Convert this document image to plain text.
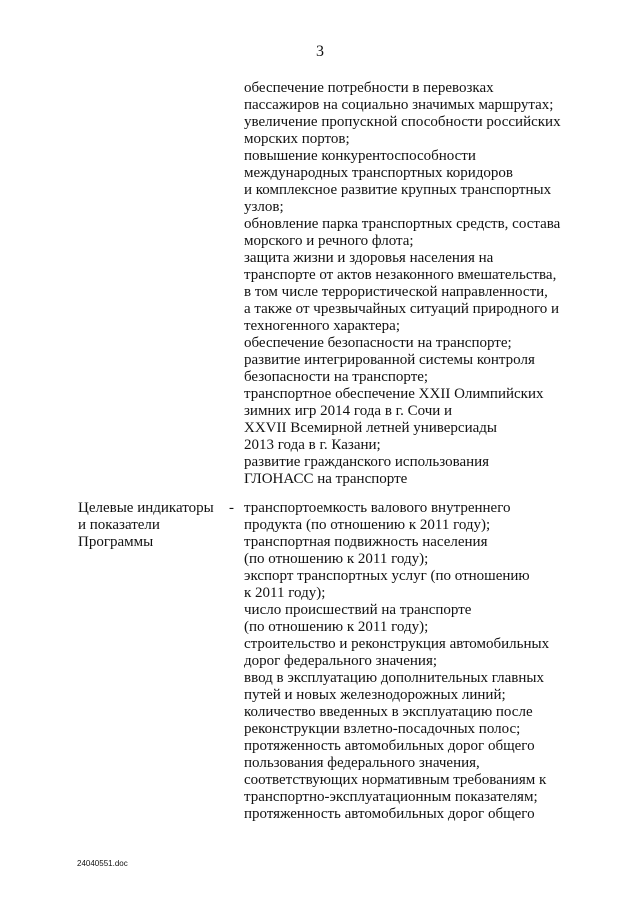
3
обеспечение потребности в перевозках
пассажиров на социально значимых маршрутах;
увеличение пропускной способности российских
морских портов;
повышение конкурентоспособности
международных транспортных коридоров
и комплексное развитие крупных транспортных
узлов;
обновление парка транспортных средств, состава
морского и речного флота;
защита жизни и здоровья населения на
транспорте от актов незаконного вмешательства,
в том числе террористической направленности,
а также от чрезвычайных ситуаций природного и
техногенного характера;
обеспечение безопасности на транспорте;
развитие интегрированной системы контроля
безопасности на транспорте;
транспортное обеспечение XXII Олимпийских
зимних игр 2014 года в г. Сочи и
XXVII Всемирной летней универсиады
2013 года в г. Казани;
развитие гражданского использования
ГЛОНАСС на транспорте
Целевые индикаторы
и показатели
Программы
- транспортоемкость валового внутреннего
продукта (по отношению к 2011 году);
транспортная подвижность населения
(по отношению к 2011 году);
экспорт транспортных услуг (по отношению
к 2011 году);
число происшествий на транспорте
(по отношению к 2011 году);
строительство и реконструкция автомобильных
дорог федерального значения;
ввод в эксплуатацию дополнительных главных
путей и новых железнодорожных линий;
количество введенных в эксплуатацию после
реконструкции взлетно-посадочных полос;
протяженность автомобильных дорог общего
пользования федерального значения,
соответствующих нормативным требованиям к
транспортно-эксплуатационным показателям;
протяженность автомобильных дорог общего
24040551.doc
